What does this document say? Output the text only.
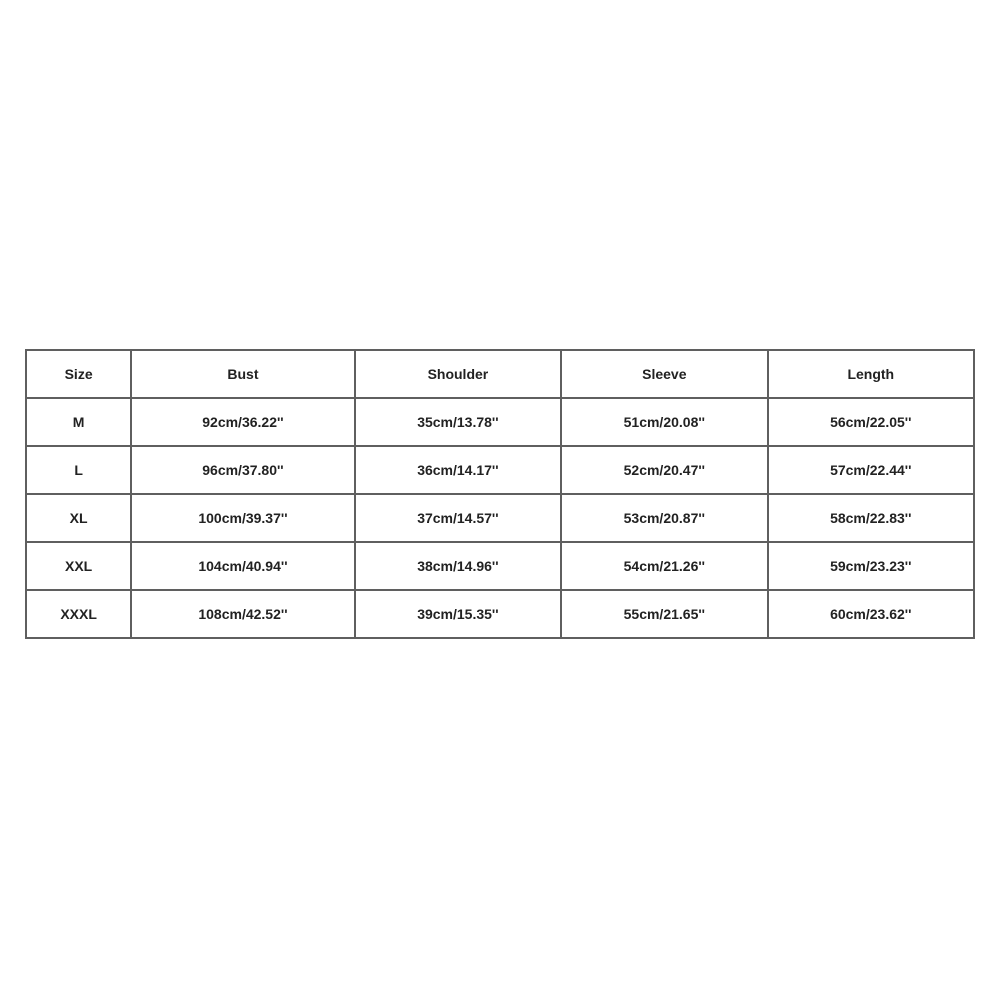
Size	Bust	Shoulder	Sleeve	Length
M	92cm/36.22''	35cm/13.78''	51cm/20.08''	56cm/22.05''
L	96cm/37.80''	36cm/14.17''	52cm/20.47''	57cm/22.44''
XL	100cm/39.37''	37cm/14.57''	53cm/20.87''	58cm/22.83''
XXL	104cm/40.94''	38cm/14.96''	54cm/21.26''	59cm/23.23''
XXXL	108cm/42.52''	39cm/15.35''	55cm/21.65''	60cm/23.62''
